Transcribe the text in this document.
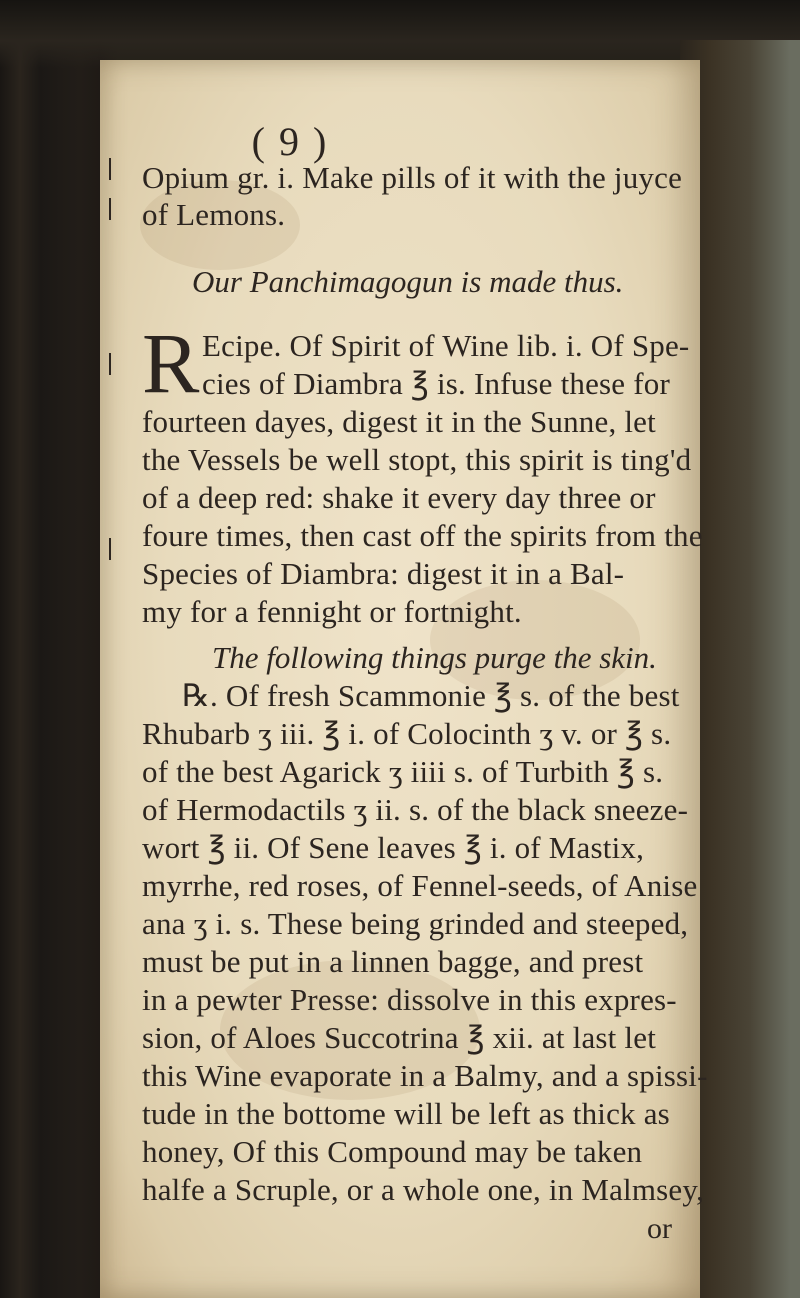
( 9 )
Opium gr. i. Make pills of it with the juyce
of Lemons.
Our Panchimagogun is made thus.
R Ecipe. Of Spirit of Wine lib. i. Of Spe-
cies of Diambra ℥ is. Infuse these for
fourteen dayes, digest it in the Sunne, let
the Vessels be well stopt, this spirit is ting'd
of a deep red: shake it every day three or
foure times, then cast off the spirits from the
Species of Diambra: digest it in a Bal-
my for a fennight or fortnight.
The following things purge the skin.
℞. Of fresh Scammonie ℥ s. of the best
Rhubarb ʒ iii. ℥ i. of Colocinth ʒ v. or ℥ s.
of the best Agarick ʒ iiii s. of Turbith ℥ s.
of Hermodactils ʒ ii. s. of the black sneeze-
wort ℥ ii. Of Sene leaves ℥ i. of Mastix,
myrrhe, red roses, of Fennel-seeds, of Anise
ana ʒ i. s. These being grinded and steeped,
must be put in a linnen bagge, and prest
in a pewter Presse: dissolve in this expres-
sion, of Aloes Succotrina ℥ xii. at last let
this Wine evaporate in a Balmy, and a spissi-
tude in the bottome will be left as thick as
honey, Of this Compound may be taken
halfe a Scruple, or a whole one, in Malmsey,
or
